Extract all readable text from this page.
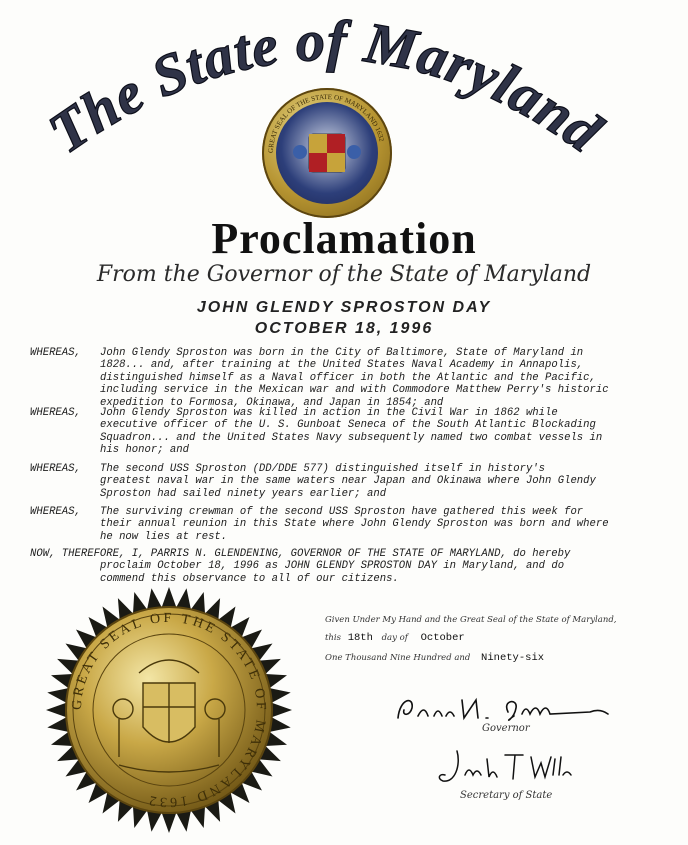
The State of Maryland
GREAT SEAL OF THE STATE OF MARYLAND 1632
Proclamation
From the Governor of the State of Maryland
JOHN GLENDY SPROSTON DAY
OCTOBER 18, 1996
WHEREAS,	John Glendy Sproston was born in the City of Baltimore, State of Maryland in
1828... and, after training at the United States Naval Academy in Annapolis,
distinguished himself as a Naval officer in both the Atlantic and the Pacific,
including service in the Mexican war and with Commodore Matthew Perry's historic
expedition to Formosa, Okinawa, and Japan in 1854; and
WHEREAS,	John Glendy Sproston was killed in action in the Civil War in 1862 while
executive officer of the U. S. Gunboat Seneca of the South Atlantic Blockading
Squadron... and the United States Navy subsequently named two combat vessels in
his honor; and
WHEREAS,	The second USS Sproston (DD/DDE 577) distinguished itself in history's
greatest naval war in the same waters near Japan and Okinawa where John Glendy
Sproston had sailed ninety years earlier; and
WHEREAS,	The surviving crewman of the second USS Sproston have gathered this week for
their annual reunion in this State where John Glendy Sproston was born and where
he now lies at rest.
NOW, THEREFORE, I, PARRIS N. GLENDENING, GOVERNOR OF THE STATE OF MARYLAND, do hereby
proclaim October 18, 1996 as JOHN GLENDY SPROSTON DAY in Maryland, and do
commend this observance to all of our citizens.
GREAT SEAL OF THE STATE OF MARYLAND 1632
Given Under My Hand and the Great Seal of the State of Maryland,
this 18th day of October
One Thousand Nine Hundred and Ninety-six
Governor
Secretary of State
